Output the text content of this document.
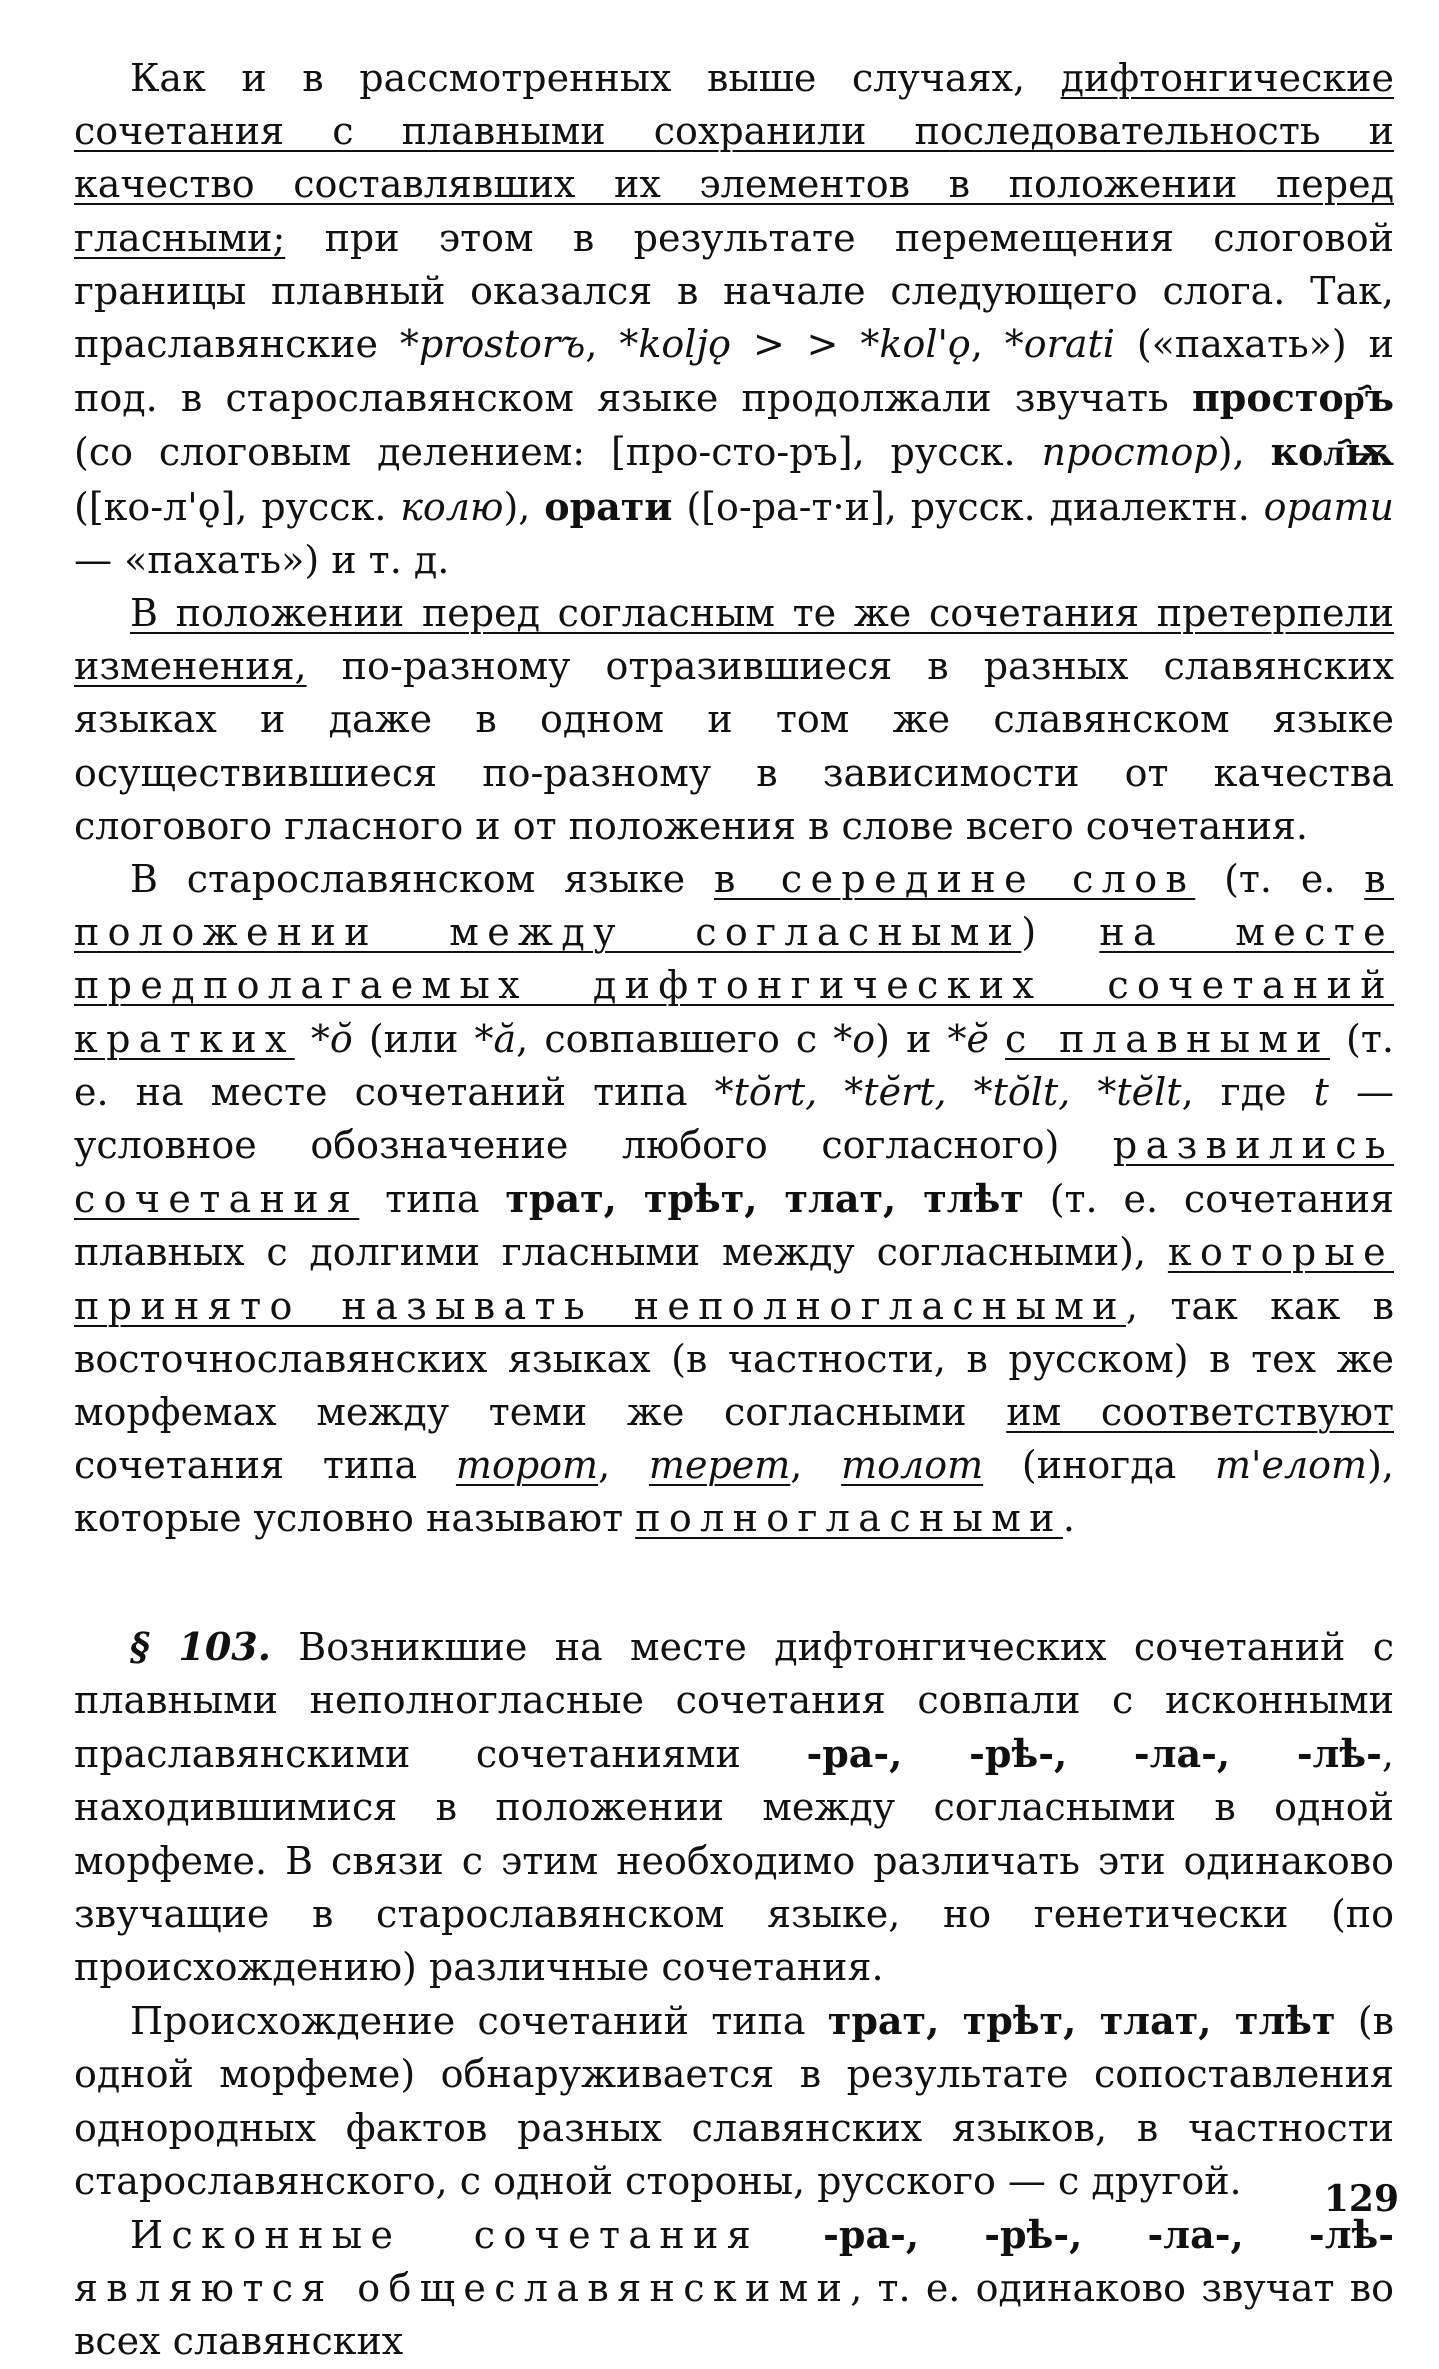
Как и в рассмотренных выше случаях, дифтонгические сочетания с плавными сохранили последовательность и качество составлявших их элементов в положении перед гласными; при этом в результате перемещения слоговой границы плавный оказался в начале следующего слога. Так, праславянские *prostorъ, *koljǫ > > *kol'ǫ, *orati («пахать») и под. в старославянском языке продолжали звучать простор҄ъ (со слоговым делением: [про-сто-ръ], русск. простор), кол҄ѭ ([ко-л'ǫ], русск. колю), орати ([о-ра-т·и], русск. диалектн. орати — «пахать») и т. д.

В положении перед согласным те же сочетания претерпели изменения, по-разному отразившиеся в разных славянских языках и даже в одном и том же славянском языке осуществившиеся по-разному в зависимости от качества слогового гласного и от положения в слове всего сочетания.

В старославянском языке в середине слов (т. е. в положении между согласными) на месте предполагаемых дифтонгических сочетаний кратких *ŏ (или *ă, совпавшего с *o) и *ĕ с плавными (т. е. на месте сочетаний типа *tŏrt, *tĕrt, *tŏlt, *tĕlt, где t — условное обозначение любого согласного) развились сочетания типа трат, трѣт, тлат, тлѣт (т. е. сочетания плавных с долгими гласными между согласными), которые принято называть неполногласными, так как в восточнославянских языках (в частности, в русском) в тех же морфемах между теми же согласными им соответствуют сочетания типа торот, терет, толот (иногда т'елот), которые условно называют полногласными.

§ 103. Возникшие на месте дифтонгических сочетаний с плавными неполногласные сочетания совпали с исконными праславянскими сочетаниями -ра-, -рѣ-, -ла-, -лѣ-, находившимися в положении между согласными в одной морфеме. В связи с этим необходимо различать эти одинаково звучащие в старославянском языке, но генетически (по происхождению) различные сочетания.

Происхождение сочетаний типа трат, трѣт, тлат, тлѣт (в одной морфеме) обнаруживается в результате сопоставления однородных фактов разных славянских языков, в частности старославянского, с одной стороны, русского — с другой.

Исконные сочетания -ра-, -рѣ-, -ла-, -лѣ- являются общеславянскими, т. е. одинаково звучат во всех славянских

129
